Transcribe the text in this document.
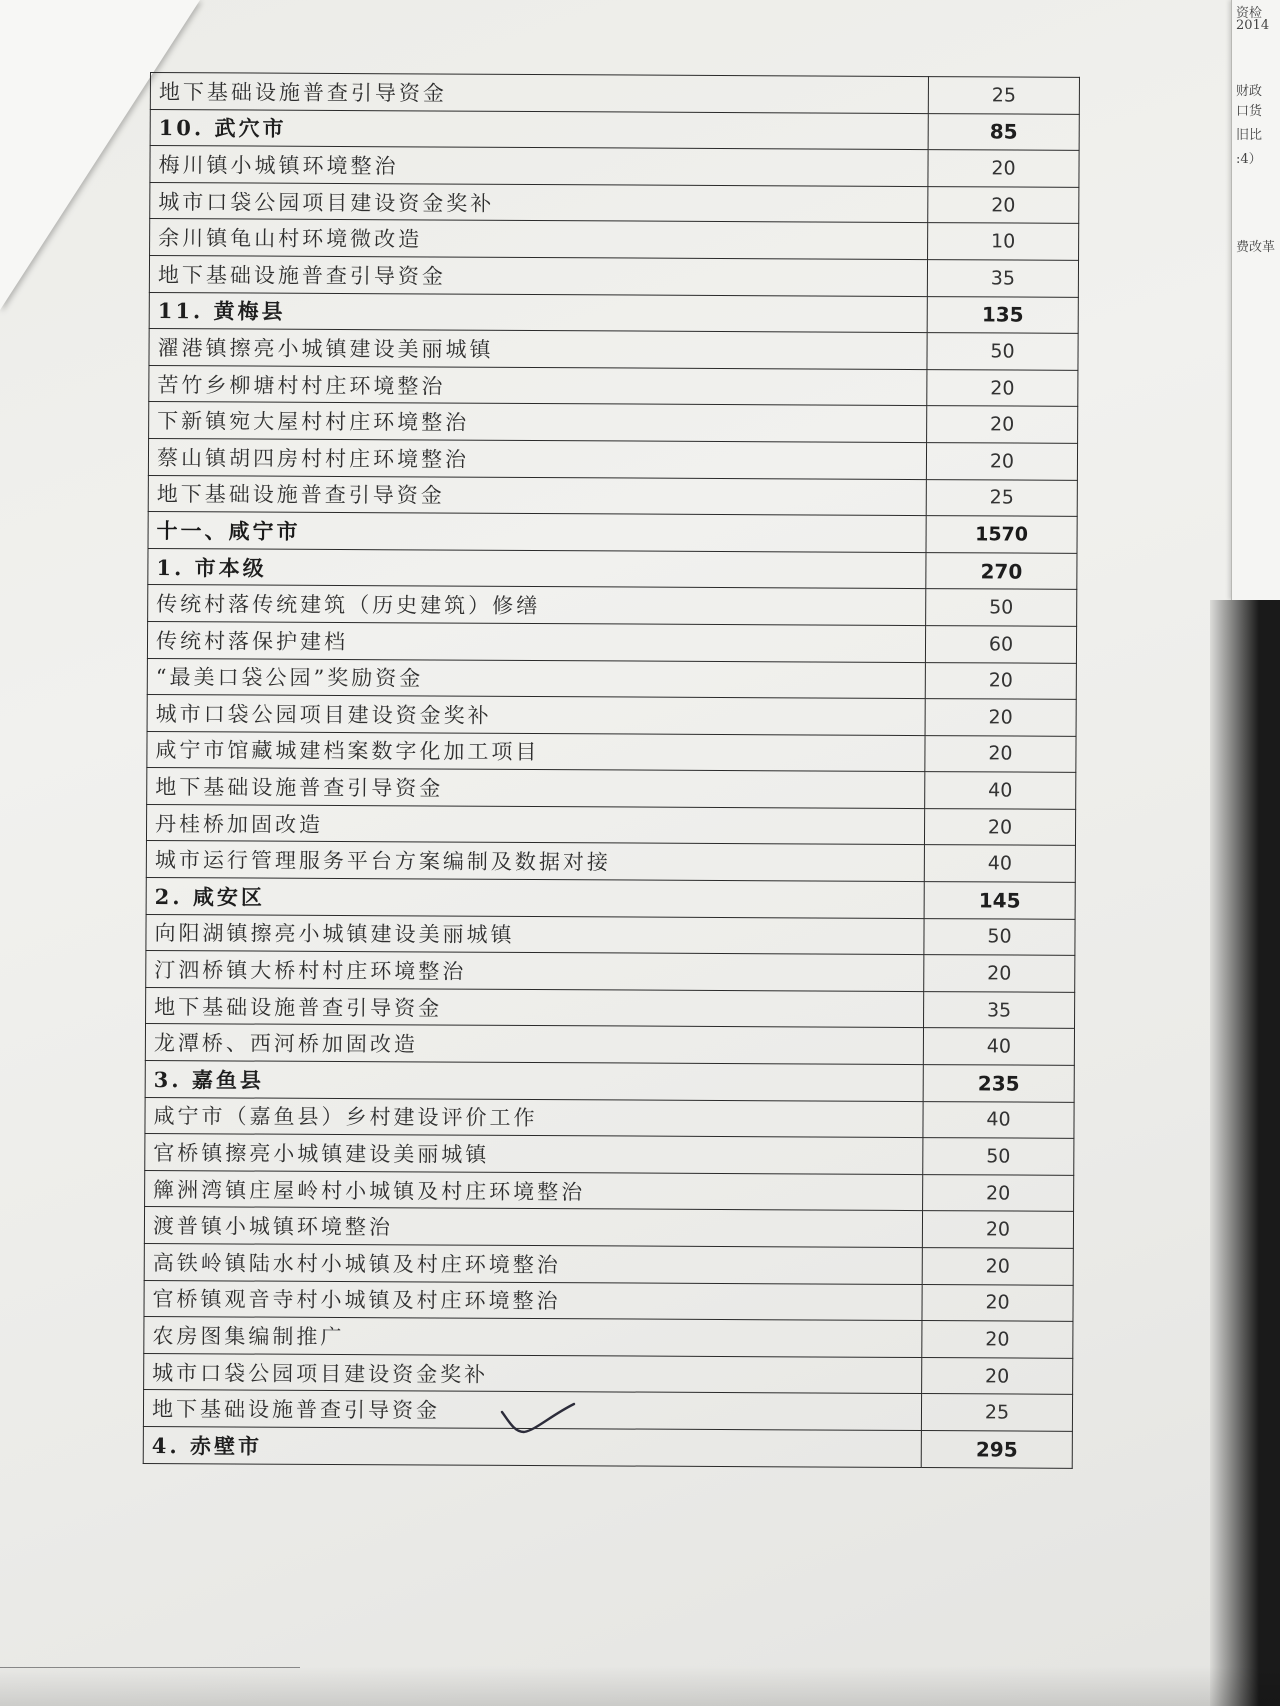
资检
2014
财政
口货
旧比
:4）
费改革
地下基础设施普查引导资金	25
10. 武穴市	85
梅川镇小城镇环境整治	20
城市口袋公园项目建设资金奖补	20
余川镇龟山村环境微改造	10
地下基础设施普查引导资金	35
11. 黄梅县	135
濯港镇擦亮小城镇建设美丽城镇	50
苦竹乡柳塘村村庄环境整治	20
下新镇宛大屋村村庄环境整治	20
蔡山镇胡四房村村庄环境整治	20
地下基础设施普查引导资金	25
十一、咸宁市	1570
1. 市本级	270
传统村落传统建筑（历史建筑）修缮	50
传统村落保护建档	60
“最美口袋公园”奖励资金	20
城市口袋公园项目建设资金奖补	20
咸宁市馆藏城建档案数字化加工项目	20
地下基础设施普查引导资金	40
丹桂桥加固改造	20
城市运行管理服务平台方案编制及数据对接	40
2. 咸安区	145
向阳湖镇擦亮小城镇建设美丽城镇	50
汀泗桥镇大桥村村庄环境整治	20
地下基础设施普查引导资金	35
龙潭桥、西河桥加固改造	40
3. 嘉鱼县	235
咸宁市（嘉鱼县）乡村建设评价工作	40
官桥镇擦亮小城镇建设美丽城镇	50
簰洲湾镇庄屋岭村小城镇及村庄环境整治	20
渡普镇小城镇环境整治	20
高铁岭镇陆水村小城镇及村庄环境整治	20
官桥镇观音寺村小城镇及村庄环境整治	20
农房图集编制推广	20
城市口袋公园项目建设资金奖补	20
地下基础设施普查引导资金	25
4. 赤壁市	295
